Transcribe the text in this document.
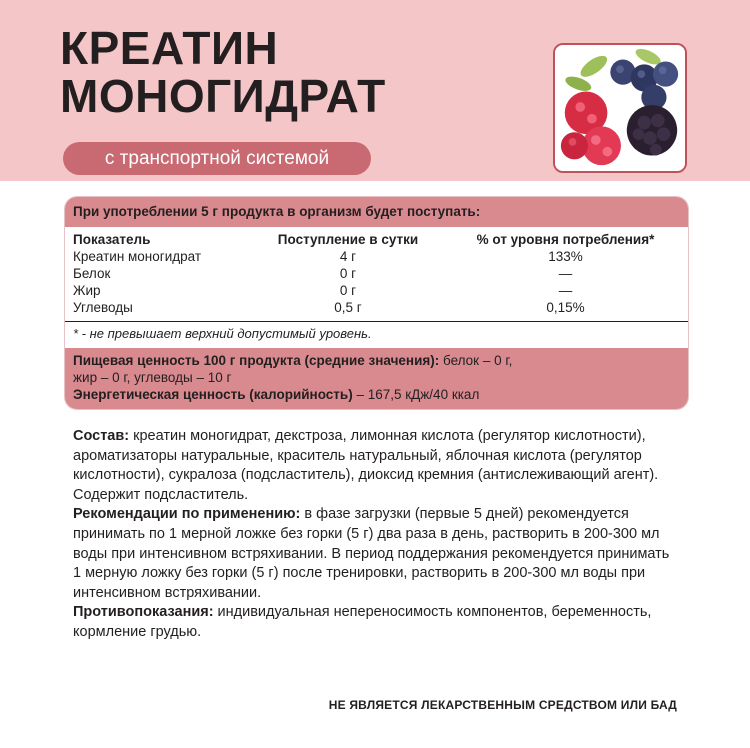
КРЕАТИН
МОНОГИДРАТ
с транспортной системой
При употреблении 5 г продукта в организм будет поступать:
Показатель	Поступление в сутки	% от уровня потребления*
Креатин моногидрат	4 г	133%
Белок	0 г	—
Жир	0 г	—
Углеводы	0,5 г	0,15%
* - не превышает верхний допустимый уровень.
Пищевая ценность 100 г продукта (средние значения): белок – 0 г,
жир – 0 г, углеводы – 10 г
Энергетическая ценность (калорийность) – 167,5 кДж/40 ккал

Состав: креатин моногидрат, декстроза, лимонная кислота (регулятор кислотности), ароматизаторы натуральные, краситель натуральный, яблочная кислота (регулятор кислотности), сукралоза (подсластитель), диоксид кремния (антислеживающий агент). Содержит подсластитель.

Рекомендации по применению: в фазе загрузки (первые 5 дней) рекомендуется принимать по 1 мерной ложке без горки (5 г) два раза в день, растворить в 200-300 мл воды при интенсивном встряхивании. В период поддержания рекомендуется принимать 1 мерную ложку без горки (5 г) после тренировки, растворить в 200-300 мл воды при интенсивном встряхивании.

Противопоказания: индивидуальная непереносимость компонентов, беременность, кормление грудью.

НЕ ЯВЛЯЕТСЯ ЛЕКАРСТВЕННЫМ СРЕДСТВОМ ИЛИ БАД
